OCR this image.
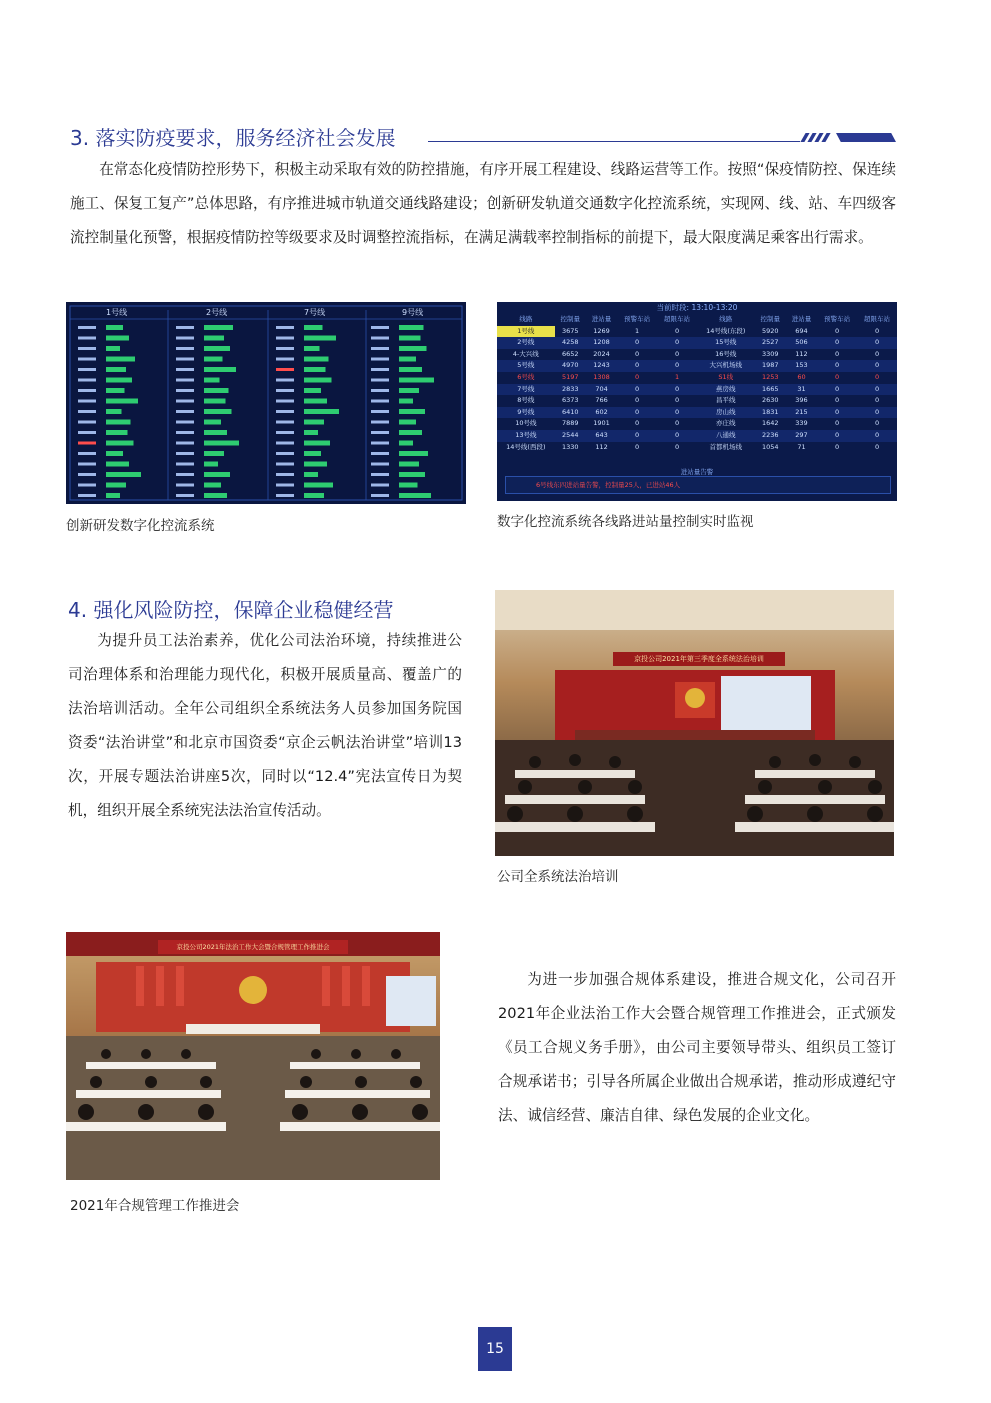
3. 落实防疫要求，服务经济社会发展

在常态化疫情防控形势下，积极主动采取有效的防控措施，有序开展工程建设、线路运营等工作。按照“保疫情防控、保连续施工、保复工复产”总体思路，有序推进城市轨道交通线路建设；创新研发轨道交通数字化控流系统，实现网、线、站、车四级客流控制量化预警，根据疫情防控等级要求及时调整控流指标，在满足满载率控制指标的前提下，最大限度满足乘客出行需求。

1号线	2号线	7号线	9号线
创新研发数字化控流系统
当前时段: 13:10-13:20
线路	控制量	进站量	预警车站	超限车站	线路	控制量	进站量	预警车站	超限车站
1号线	3675	1269	1	0	14号线(东段)	5920	694	0	0
2号线	4258	1208	0	0	15号线	2527	506	0	0
4-大兴线	6652	2024	0	0	16号线	3309	112	0	0
5号线	4970	1243	0	0	大兴机场线	1987	153	0	0
6号线	5197	1308	0	1	S1线	1253	60	0	0
7号线	2833	704	0	0	燕房线	1665	31	0	0
8号线	6373	766	0	0	昌平线	2630	396	0	0
9号线	6410	602	0	0	房山线	1831	215	0	0
10号线	7889	1901	0	0	亦庄线	1642	339	0	0
13号线	2544	643	0	0	八通线	2236	297	0	0
14号线(西段)	1330	112	0	0	首都机场线	1054	71	0	0
进站量告警
6号线东四进站量告警，控制量25人，已进站46人
数字化控流系统各线路进站量控制实时监视
4. 强化风险防控，保障企业稳健经营

为提升员工法治素养，优化公司法治环境，持续推进公司治理体系和治理能力现代化，积极开展质量高、覆盖广的法治培训活动。全年公司组织全系统法务人员参加国务院国资委“法治讲堂”和北京市国资委“京企云帆法治讲堂”培训13次，开展专题法治讲座5次，同时以“12.4”宪法宣传日为契机，组织开展全系统宪法法治宣传活动。

京投公司2021年第三季度全系统法治培训
公司全系统法治培训
京投公司2021年法治工作大会暨合规管理工作推进会
2021年合规管理工作推进会

为进一步加强合规体系建设，推进合规文化，公司召开2021年企业法治工作大会暨合规管理工作推进会，正式颁发《员工合规义务手册》，由公司主要领导带头、组织员工签订合规承诺书；引导各所属企业做出合规承诺，推动形成遵纪守法、诚信经营、廉洁自律、绿色发展的企业文化。

15
